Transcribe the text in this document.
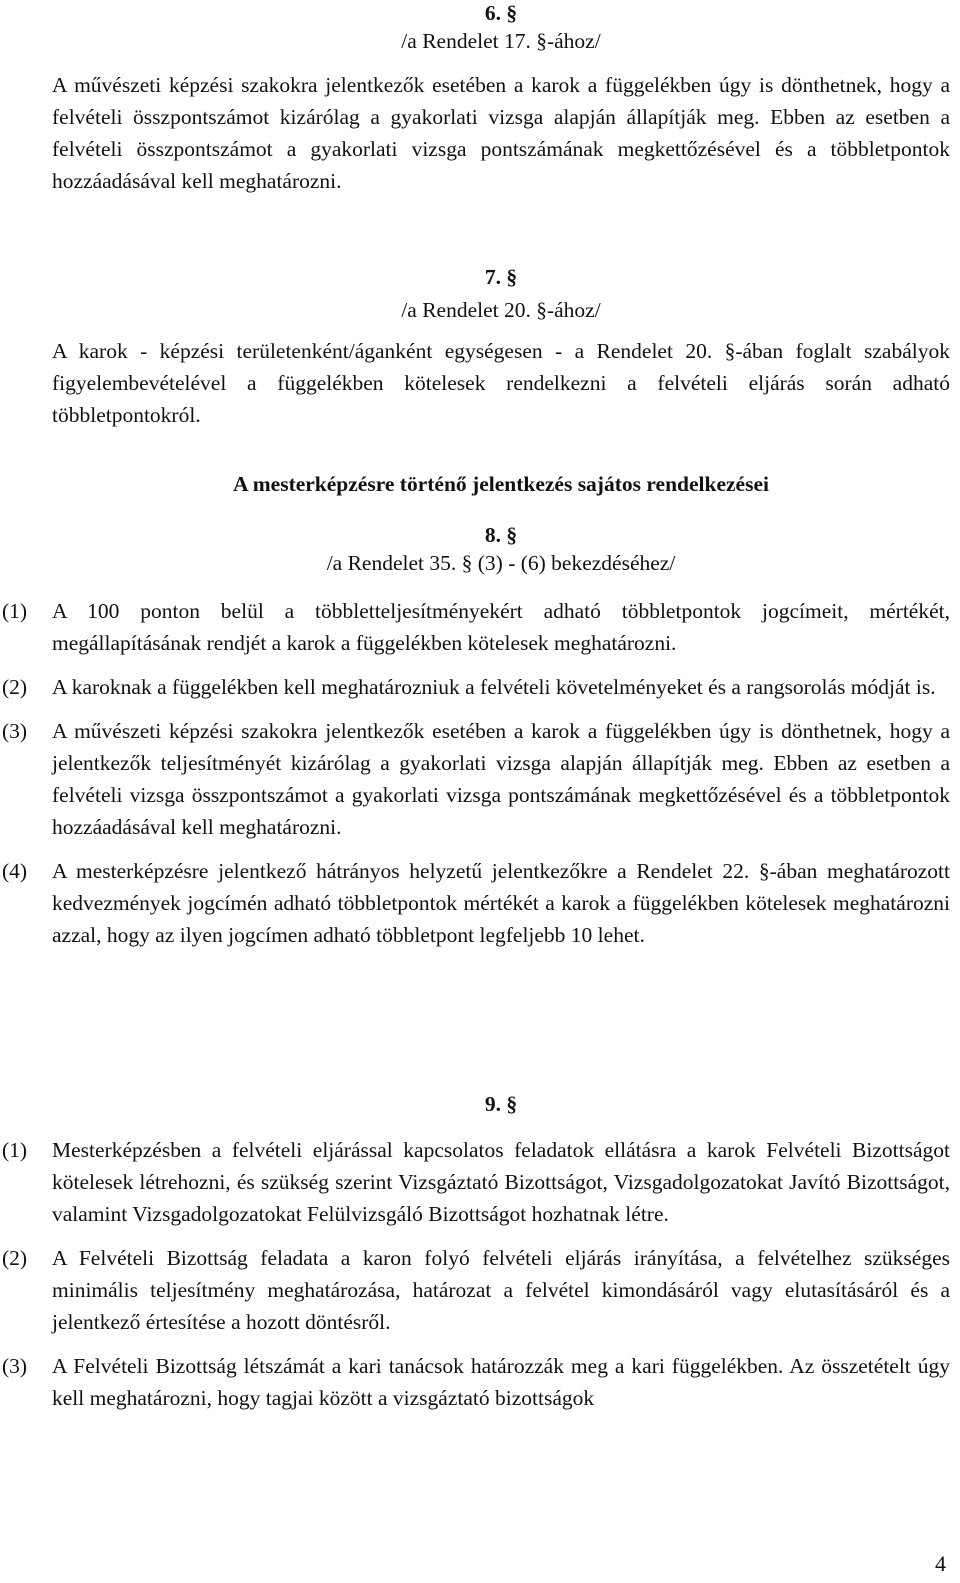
6. §
/a Rendelet 17. §-ához/
A művészeti képzési szakokra jelentkezők esetében a karok a függelékben úgy is dönthetnek, hogy a felvételi összpontszámot kizárólag a gyakorlati vizsga alapján állapítják meg. Ebben az esetben a felvételi összpontszámot a gyakorlati vizsga pontszámának megkettőzésével és a többletpontok hozzáadásával kell meghatározni.
7. §
/a Rendelet 20. §-ához/
A karok - képzési területenként/áganként egységesen - a Rendelet 20. §-ában foglalt szabályok figyelembevételével a függelékben kötelesek rendelkezni a felvételi eljárás során adható többletpontokról.
A mesterképzésre történő jelentkezés sajátos rendelkezései
8. §
/a Rendelet 35. § (3) - (6) bekezdéséhez/
(1)	A 100 ponton belül a többletteljesítményekért adható többletpontok jogcímeit, mértékét, megállapításának rendjét a karok a függelékben kötelesek meghatározni.
(2)	A karoknak a függelékben kell meghatározniuk a felvételi követelményeket és a rangsorolás módját is.
(3)	A művészeti képzési szakokra jelentkezők esetében a karok a függelékben úgy is dönthetnek, hogy a jelentkezők teljesítményét kizárólag a gyakorlati vizsga alapján állapítják meg. Ebben az esetben a felvételi vizsga összpontszámot a gyakorlati vizsga pontszámának megkettőzésével és a többletpontok hozzáadásával kell meghatározni.
(4)	A mesterképzésre jelentkező hátrányos helyzetű jelentkezőkre a Rendelet 22. §-ában meghatározott kedvezmények jogcímén adható többletpontok mértékét a karok a függelékben kötelesek meghatározni azzal, hogy az ilyen jogcímen adható többletpont legfeljebb 10 lehet.
9. §
(1)	Mesterképzésben a felvételi eljárással kapcsolatos feladatok ellátásra a karok Felvételi Bizottságot kötelesek létrehozni, és szükség szerint Vizsgáztató Bizottságot, Vizsgadolgozatokat Javító Bizottságot, valamint Vizsgadolgozatokat Felülvizsgáló Bizottságot hozhatnak létre.
(2)	A Felvételi Bizottság feladata a karon folyó felvételi eljárás irányítása, a felvételhez szükséges minimális teljesítmény meghatározása, határozat a felvétel kimondásáról vagy elutasításáról és a jelentkező értesítése a hozott döntésről.
(3)	A Felvételi Bizottság létszámát a kari tanácsok határozzák meg a kari függelékben. Az összetételt úgy kell meghatározni, hogy tagjai között a vizsgáztató bizottságok
4
